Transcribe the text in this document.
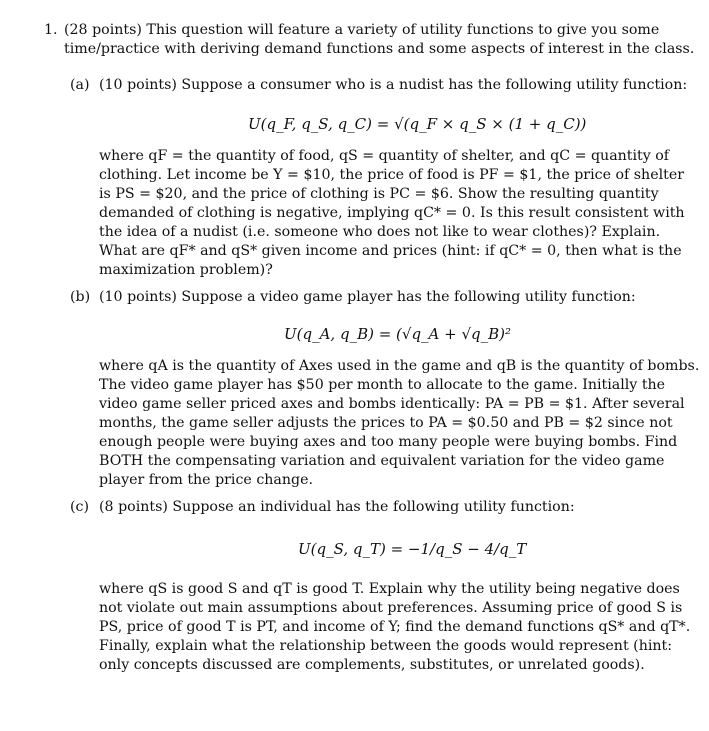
1. (28 points) This question will feature a variety of utility functions to give you some
time/practice with deriving demand functions and some aspects of interest in the class.
(a) (10 points) Suppose a consumer who is a nudist has the following utility function:
U(q_F, q_S, q_C) = √(q_F × q_S × (1 + q_C))
where qF = the quantity of food, qS = quantity of shelter, and qC = quantity of
clothing. Let income be Y = $10, the price of food is PF = $1, the price of shelter
is PS = $20, and the price of clothing is PC = $6. Show the resulting quantity
demanded of clothing is negative, implying qC* = 0. Is this result consistent with
the idea of a nudist (i.e. someone who does not like to wear clothes)? Explain.
What are qF* and qS* given income and prices (hint: if qC* = 0, then what is the
maximization problem)?
(b) (10 points) Suppose a video game player has the following utility function:
U(q_A, q_B) = (√q_A + √q_B)²
where qA is the quantity of Axes used in the game and qB is the quantity of bombs.
The video game player has $50 per month to allocate to the game. Initially the
video game seller priced axes and bombs identically: PA = PB = $1. After several
months, the game seller adjusts the prices to PA = $0.50 and PB = $2 since not
enough people were buying axes and too many people were buying bombs. Find
BOTH the compensating variation and equivalent variation for the video game
player from the price change.
(c) (8 points) Suppose an individual has the following utility function:
U(q_S, q_T) = −1/q_S − 4/q_T
where qS is good S and qT is good T. Explain why the utility being negative does
not violate out main assumptions about preferences. Assuming price of good S is
PS, price of good T is PT, and income of Y; find the demand functions qS* and qT*.
Finally, explain what the relationship between the goods would represent (hint:
only concepts discussed are complements, substitutes, or unrelated goods).
